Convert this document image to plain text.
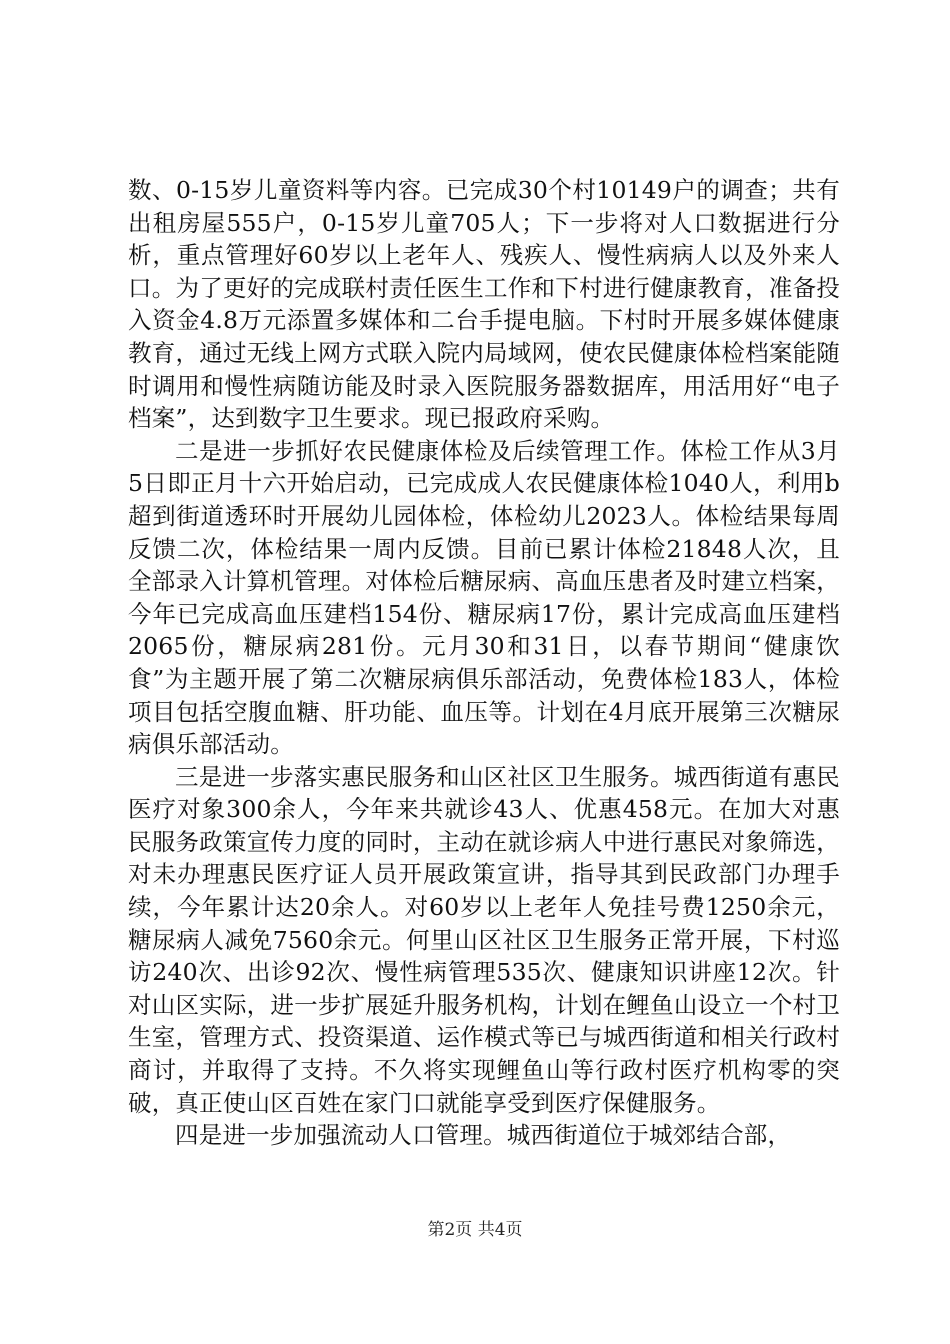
数、0-15岁儿童资料等内容。已完成30个村10149户的调查；共有出租房屋555户，0-15岁儿童705人；下一步将对人口数据进行分析，重点管理好60岁以上老年人、残疾人、慢性病病人以及外来人口。为了更好的完成联村责任医生工作和下村进行健康教育，准备投入资金4.8万元添置多媒体和二台手提电脑。下村时开展多媒体健康教育，通过无线上网方式联入院内局域网，使农民健康体检档案能随时调用和慢性病随访能及时录入医院服务器数据库，用活用好“电子档案”，达到数字卫生要求。现已报政府采购。

二是进一步抓好农民健康体检及后续管理工作。体检工作从3月5日即正月十六开始启动，已完成成人农民健康体检1040人，利用b超到街道透环时开展幼儿园体检，体检幼儿2023人。体检结果每周反馈二次，体检结果一周内反馈。目前已累计体检21848人次，且全部录入计算机管理。对体检后糖尿病、高血压患者及时建立档案，今年已完成高血压建档154份、糖尿病17份，累计完成高血压建档2065份，糖尿病281份。元月30和31日，以春节期间“健康饮食”为主题开展了第二次糖尿病俱乐部活动，免费体检183人，体检项目包括空腹血糖、肝功能、血压等。计划在4月底开展第三次糖尿病俱乐部活动。

三是进一步落实惠民服务和山区社区卫生服务。城西街道有惠民医疗对象300余人，今年来共就诊43人、优惠458元。在加大对惠民服务政策宣传力度的同时，主动在就诊病人中进行惠民对象筛选，对未办理惠民医疗证人员开展政策宣讲，指导其到民政部门办理手续，今年累计达20余人。对60岁以上老年人免挂号费1250余元，糖尿病人减免7560余元。何里山区社区卫生服务正常开展，下村巡访240次、出诊92次、慢性病管理535次、健康知识讲座12次。针对山区实际，进一步扩展延升服务机构，计划在鲤鱼山设立一个村卫生室，管理方式、投资渠道、运作模式等已与城西街道和相关行政村商讨，并取得了支持。不久将实现鲤鱼山等行政村医疗机构零的突破，真正使山区百姓在家门口就能享受到医疗保健服务。

四是进一步加强流动人口管理。城西街道位于城郊结合部，

第2页 共4页
